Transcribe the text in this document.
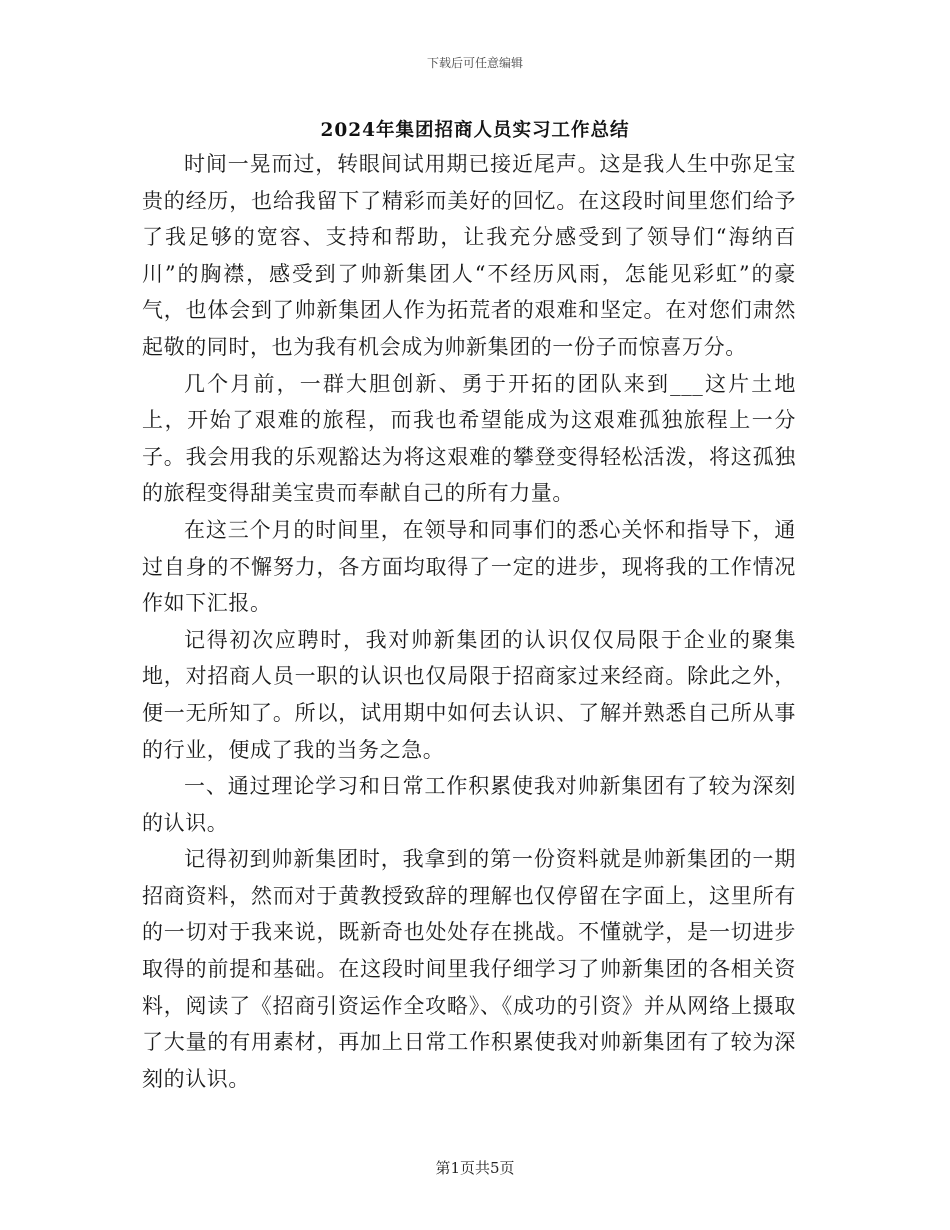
下载后可任意编辑
2024年集团招商人员实习工作总结

时间一晃而过，转眼间试用期已接近尾声。这是我人生中弥足宝贵的经历，也给我留下了精彩而美好的回忆。在这段时间里您们给予了我足够的宽容、支持和帮助，让我充分感受到了领导们“海纳百川”的胸襟，感受到了帅新集团人“不经历风雨，怎能见彩虹”的豪气，也体会到了帅新集团人作为拓荒者的艰难和坚定。在对您们肃然起敬的同时，也为我有机会成为帅新集团的一份子而惊喜万分。

几个月前，一群大胆创新、勇于开拓的团队来到___这片土地上，开始了艰难的旅程，而我也希望能成为这艰难孤独旅程上一分子。我会用我的乐观豁达为将这艰难的攀登变得轻松活泼，将这孤独的旅程变得甜美宝贵而奉献自己的所有力量。

在这三个月的时间里，在领导和同事们的悉心关怀和指导下，通过自身的不懈努力，各方面均取得了一定的进步，现将我的工作情况作如下汇报。

记得初次应聘时，我对帅新集团的认识仅仅局限于企业的聚集地，对招商人员一职的认识也仅局限于招商家过来经商。除此之外，便一无所知了。所以，试用期中如何去认识、了解并熟悉自己所从事的行业，便成了我的当务之急。

一、通过理论学习和日常工作积累使我对帅新集团有了较为深刻的认识。

记得初到帅新集团时，我拿到的第一份资料就是帅新集团的一期招商资料，然而对于黄教授致辞的理解也仅停留在字面上，这里所有的一切对于我来说，既新奇也处处存在挑战。不懂就学，是一切进步取得的前提和基础。在这段时间里我仔细学习了帅新集团的各相关资料，阅读了《招商引资运作全攻略》、《成功的引资》并从网络上摄取了大量的有用素材，再加上日常工作积累使我对帅新集团有了较为深刻的认识。

第1页共5页
